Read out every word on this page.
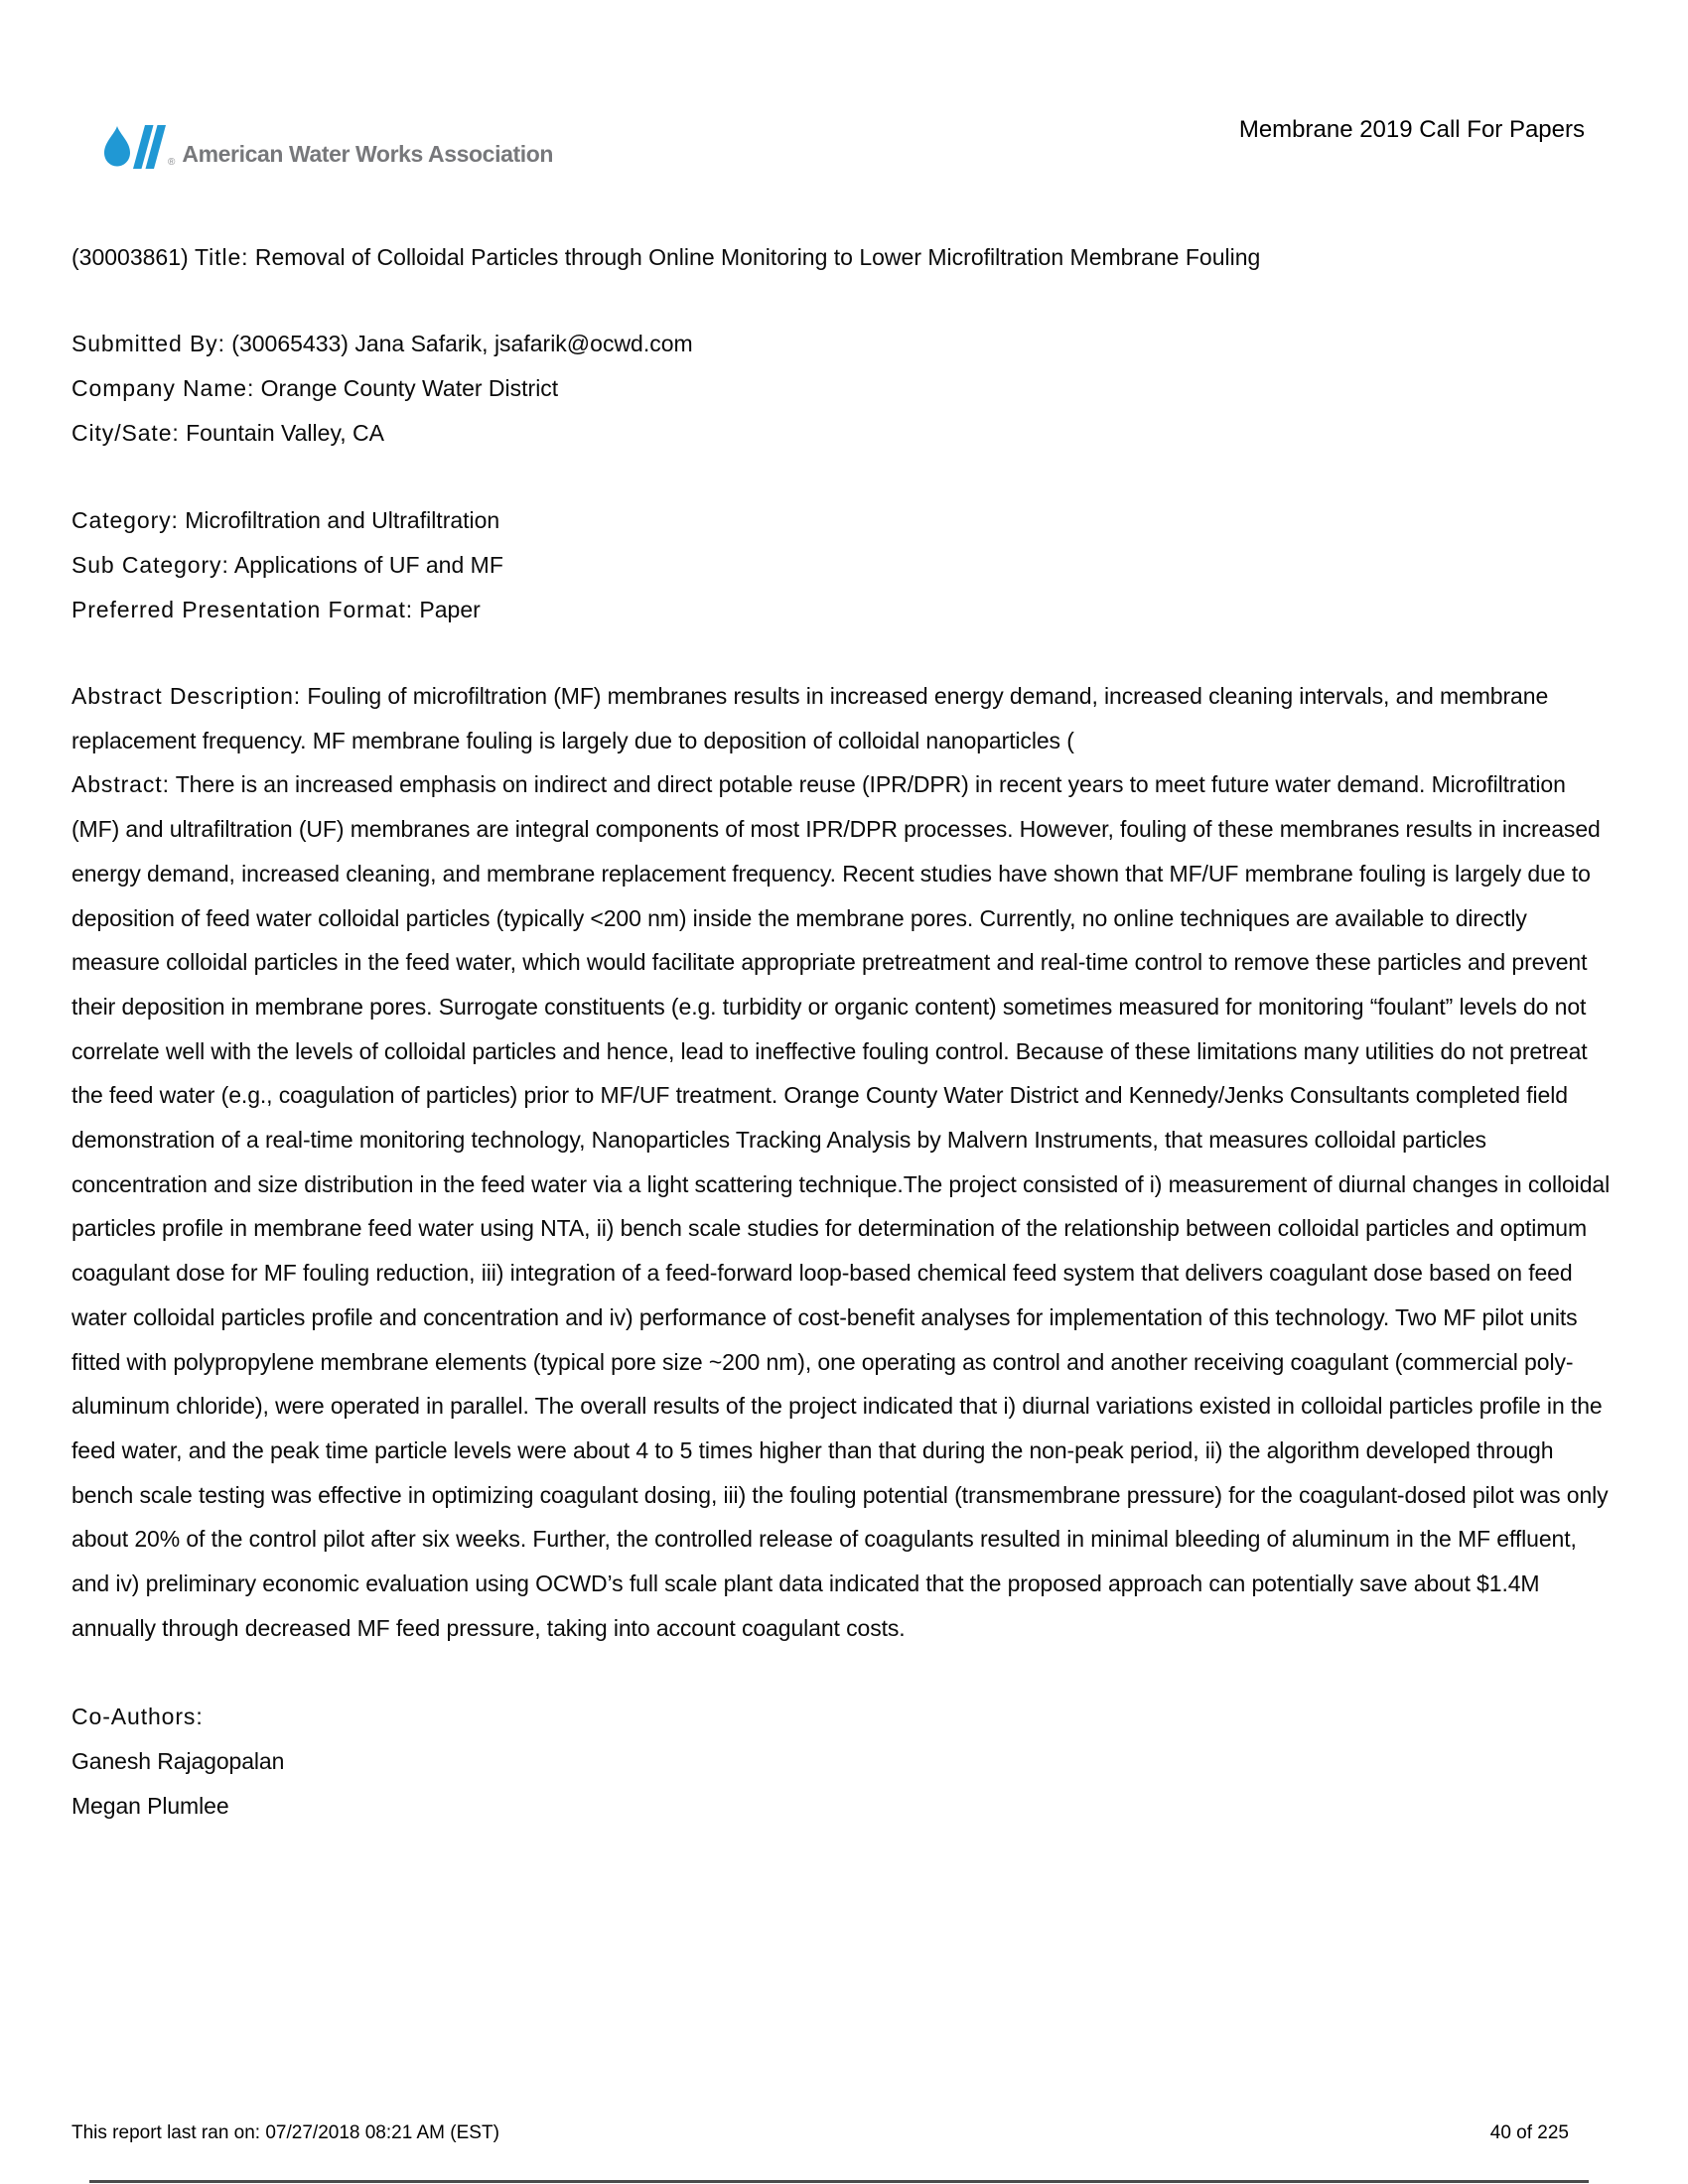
® American Water Works Association
Membrane 2019 Call For Papers
(30003861) Title: Removal of Colloidal Particles through Online Monitoring to Lower Microfiltration Membrane Fouling
Submitted By: (30065433) Jana Safarik, jsafarik@ocwd.com
Company Name: Orange County Water District
City/Sate: Fountain Valley, CA
Category: Microfiltration and Ultrafiltration
Sub Category: Applications of UF and MF
Preferred Presentation Format: Paper

Abstract Description: Fouling of microfiltration (MF) membranes results in increased energy demand, increased cleaning intervals, and membrane replacement frequency. MF membrane fouling is largely due to deposition of colloidal nanoparticles (

Abstract: There is an increased emphasis on indirect and direct potable reuse (IPR/DPR) in recent years to meet future water demand. Microfiltration (MF) and ultrafiltration (UF) membranes are integral components of most IPR/DPR processes. However, fouling of these membranes results in increased energy demand, increased cleaning, and membrane replacement frequency. Recent studies have shown that MF/UF membrane fouling is largely due to deposition of feed water colloidal particles (typically <200 nm) inside the membrane pores. Currently, no online techniques are available to directly measure colloidal particles in the feed water, which would facilitate appropriate pretreatment and real-time control to remove these particles and prevent their deposition in membrane pores. Surrogate constituents (e.g. turbidity or organic content) sometimes measured for monitoring “foulant” levels do not correlate well with the levels of colloidal particles and hence, lead to ineffective fouling control. Because of these limitations many utilities do not pretreat the feed water (e.g., coagulation of particles) prior to MF/UF treatment. Orange County Water District and Kennedy/Jenks Consultants completed field demonstration of a real-time monitoring technology, Nanoparticles Tracking Analysis by Malvern Instruments, that measures colloidal particles concentration and size distribution in the feed water via a light scattering technique.The project consisted of i) measurement of diurnal changes in colloidal particles profile in membrane feed water using NTA, ii) bench scale studies for determination of the relationship between colloidal particles and optimum coagulant dose for MF fouling reduction, iii) integration of a feed-forward loop-based chemical feed system that delivers coagulant dose based on feed water colloidal particles profile and concentration and iv) performance of cost-benefit analyses for implementation of this technology. Two MF pilot units fitted with polypropylene membrane elements (typical pore size ~200 nm), one operating as control and another receiving coagulant (commercial poly-aluminum chloride), were operated in parallel. The overall results of the project indicated that i) diurnal variations existed in colloidal particles profile in the feed water, and the peak time particle levels were about 4 to 5 times higher than that during the non-peak period, ii) the algorithm developed through bench scale testing was effective in optimizing coagulant dosing, iii) the fouling potential (transmembrane pressure) for the coagulant-dosed pilot was only about 20% of the control pilot after six weeks. Further, the controlled release of coagulants resulted in minimal bleeding of aluminum in the MF effluent, and iv) preliminary economic evaluation using OCWD’s full scale plant data indicated that the proposed approach can potentially save about $1.4M annually through decreased MF feed pressure, taking into account coagulant costs.

Co-Authors:
Ganesh Rajagopalan
Megan Plumlee
This report last ran on: 07/27/2018 08:21 AM (EST)	40 of 225
